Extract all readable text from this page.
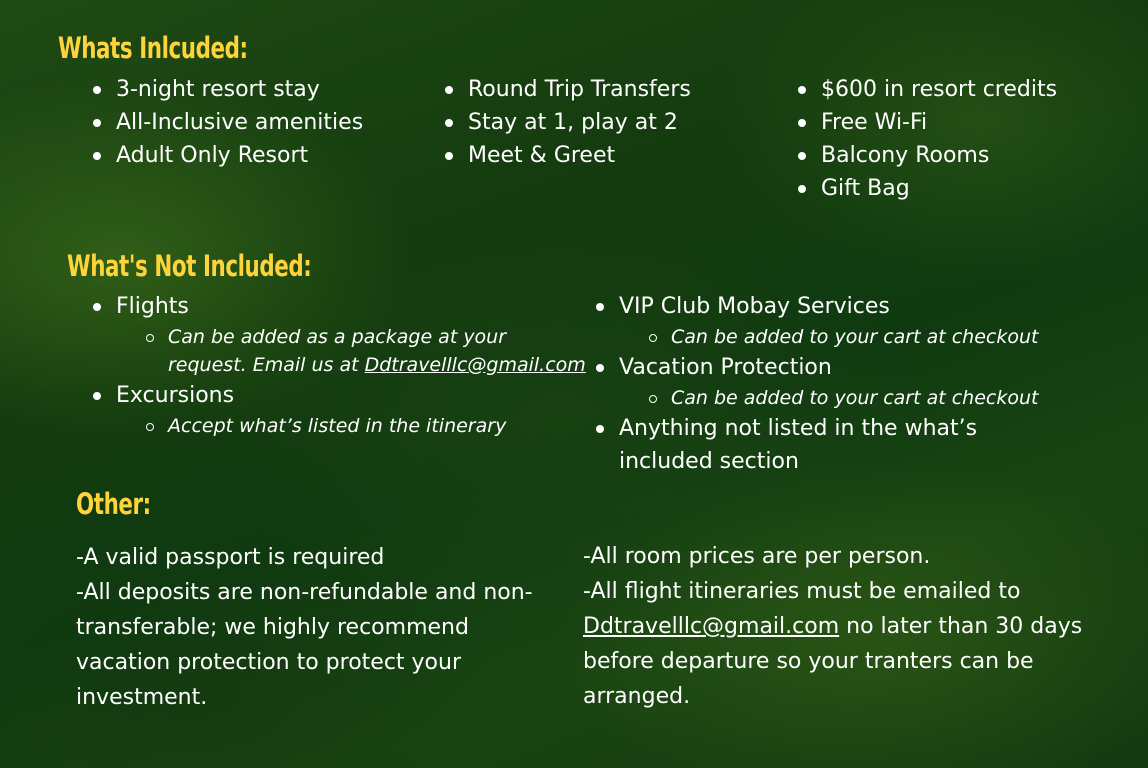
Whats Inlcuded:
3-night resort stay
All-Inclusive amenities
Adult Only Resort
Round Trip Transfers
Stay at 1, play at 2
Meet & Greet
$600 in resort credits
Free Wi-Fi
Balcony Rooms
Gift Bag
What's Not Included:
Flights
Can be added as a package at your request. Email us at Ddtravelllc@gmail.com
Excursions
Accept what’s listed in the itinerary
VIP Club Mobay Services
Can be added to your cart at checkout
Vacation Protection
Can be added to your cart at checkout
Anything not listed in the what’s included section
Other:
-A valid passport is required
-All deposits are non-refundable and non-transferable; we highly recommend vacation protection to protect your investment.
-All room prices are per person.
-All flight itineraries must be emailed to Ddtravelllc@gmail.com no later than 30 days before departure so your tranters can be arranged.
